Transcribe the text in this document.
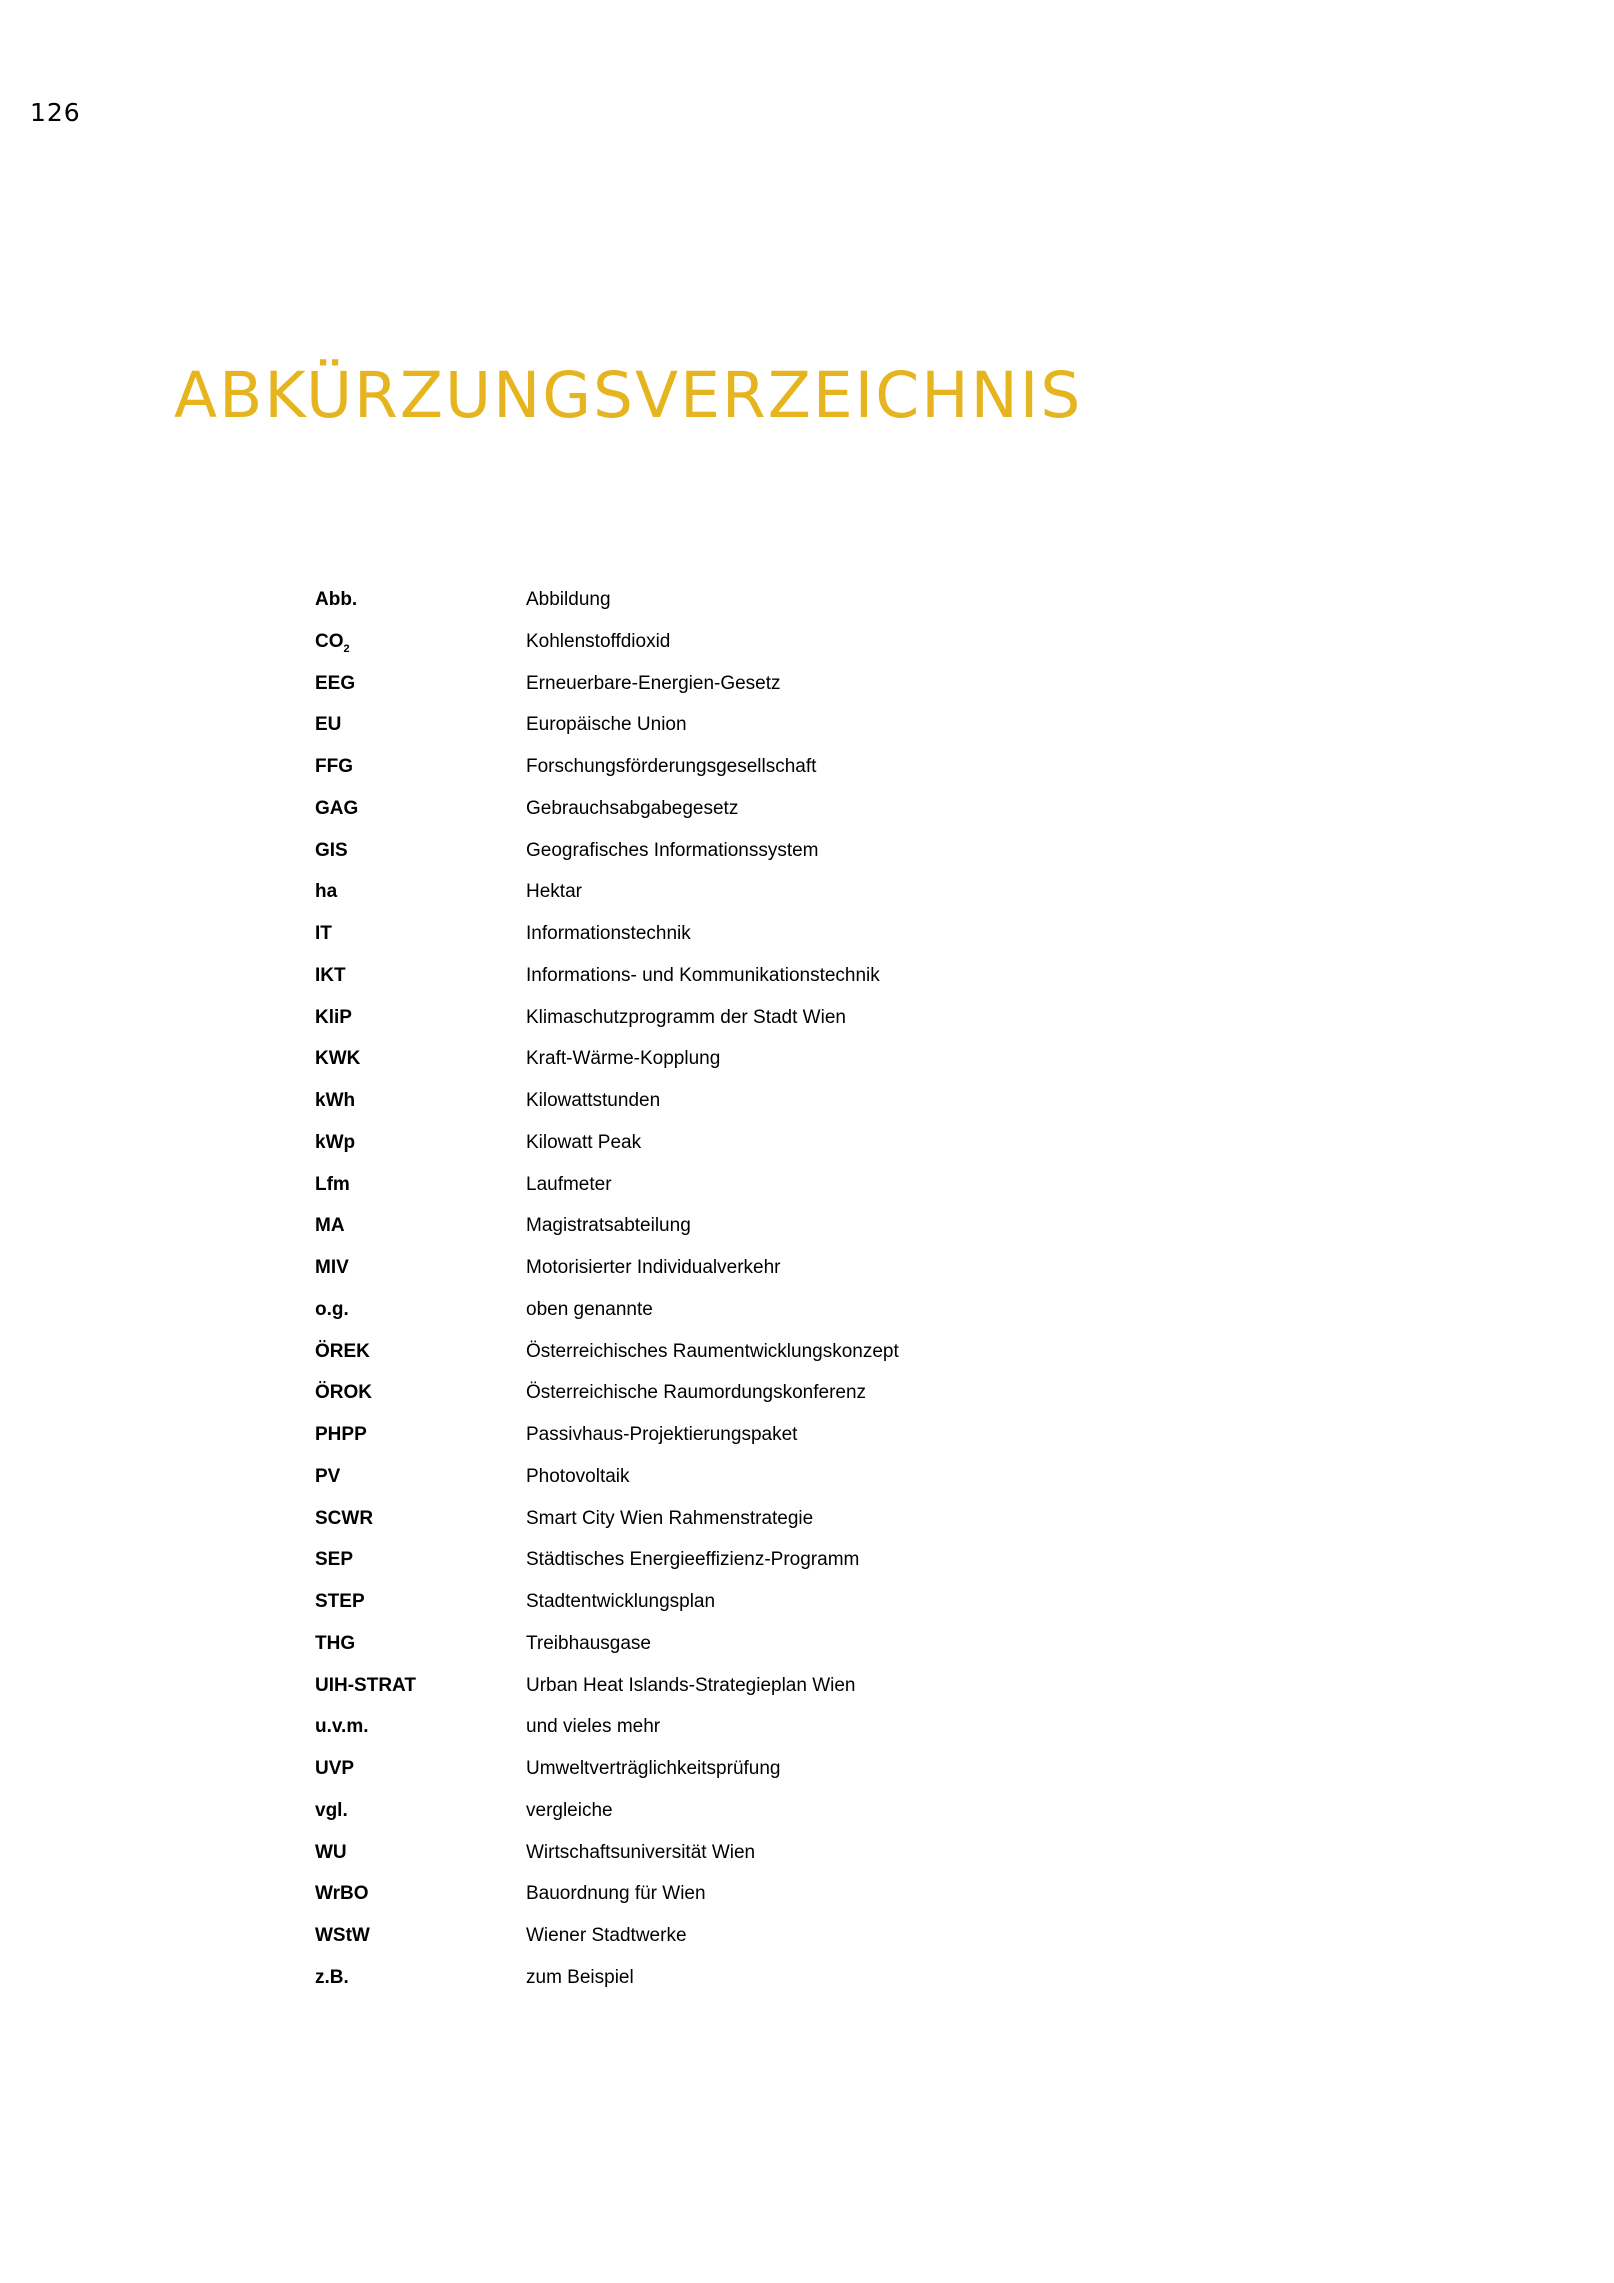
126
ABKÜRZUNGSVERZEICHNIS
Abb.	Abbildung
$CO_2$	Kohlenstoffdioxid
EEG	Erneuerbare-Energien-Gesetz
EU	Europäische Union
FFG	Forschungsförderungsgesellschaft
GAG	Gebrauchsabgabegesetz
GIS	Geografisches Informationssystem
ha	Hektar
IT	Informationstechnik
IKT	Informations- und Kommunikationstechnik
KliP	Klimaschutzprogramm der Stadt Wien
KWK	Kraft-Wärme-Kopplung
kWh	Kilowattstunden
kWp	Kilowatt Peak
Lfm	Laufmeter
MA	Magistratsabteilung
MIV	Motorisierter Individualverkehr
o.g.	oben genannte
ÖREK	Österreichisches Raumentwicklungskonzept
ÖROK	Österreichische Raumordungskonferenz
PHPP	Passivhaus-Projektierungspaket
PV	Photovoltaik
SCWR	Smart City Wien Rahmenstrategie
SEP	Städtisches Energieeffizienz-Programm
STEP	Stadtentwicklungsplan
THG	Treibhausgase
UIH-STRAT	Urban Heat Islands-Strategieplan Wien
u.v.m.	und vieles mehr
UVP	Umweltverträglichkeitsprüfung
vgl.	vergleiche
WU	Wirtschaftsuniversität Wien
WrBO	Bauordnung für Wien
WStW	Wiener Stadtwerke
z.B.	zum Beispiel
